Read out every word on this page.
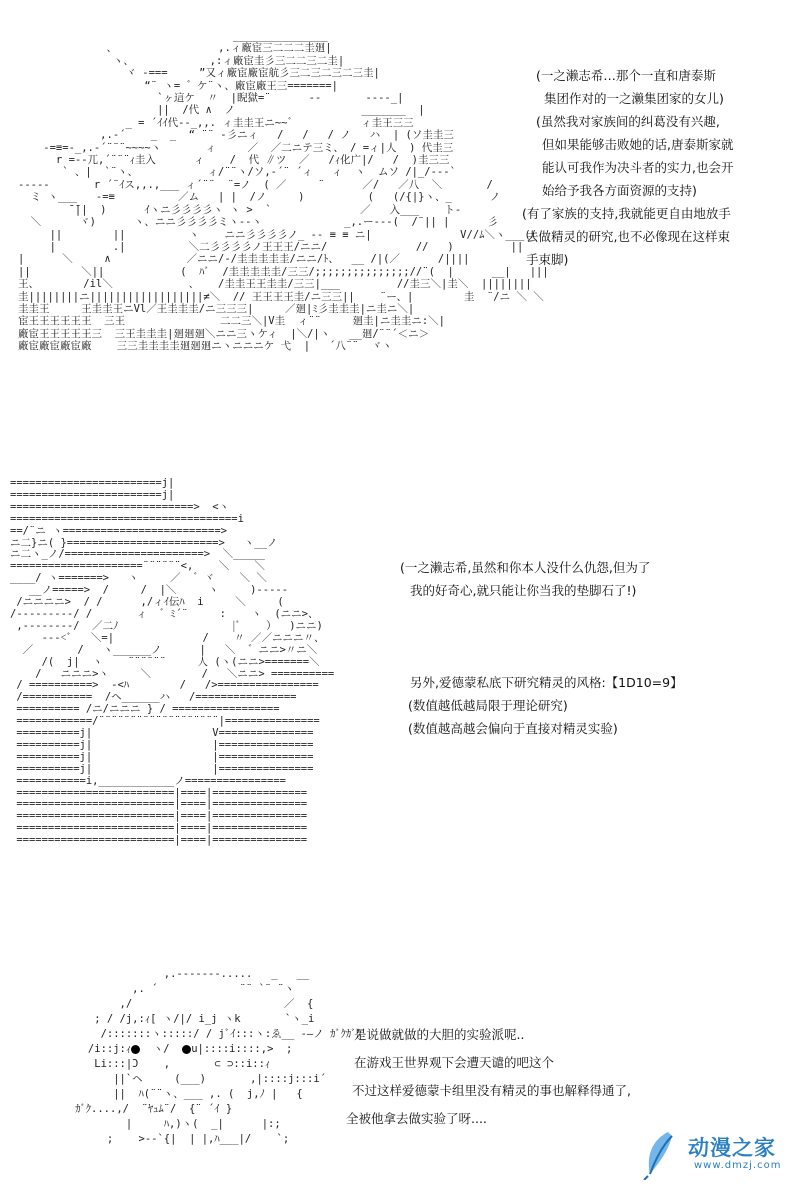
_______________
、                ,.ィ廠宦三二二二圭廻|
ヽ、            ,:ィ廠宦圭彡三二二三二圭|
ヾ -===     ”又ィ廠宦廠宦航彡三二三二三二三圭|
“¨ ヽ= ゛ケ¨ヽ、廠宦廠王三=======|
`ヶ這ケ  〃  |睨獄=¨      --       ----_|
||  /代 ∧  ノ                    _______  |
_ = ´ｲｲ代--_,,. ィ圭圭王ニ~~゛          ィ圭王三三
,.-´    _  _  “ ¨¨ -彡ニィ   /   /   / ノ   ハ  | (ソ圭圭三
-=≡=-_,.-´¨¨¨~~~~ヽ       ィ     ／  ／二ニテ三ミ、 / =ィ|人  ) 代圭三
r =--兀,´¨¨¨ｨ圭入      ィ    /  代 ∥ツ  ／   /ｨ化广|/   /  )圭三三
` 、|  `¨ヽ、           ィ/¨¨ヽ/ソ,-´¨ ´ィ   ィ  ヽ  ムソ /|_/---`
-----       r ´¨ｲス,,.,___ ィ´¨¨  ¨=ノ  ( ／     ¨      ／/   ／八  ＼       /
ミ ヽ___   -=≡          ／ム   | |  /ノ     )          (   (/{|}ヽ、_      ノ
̄ ̄||  )      ｲヽニ彡彡彡彡ヽ ヽ >  `              ／   入___    ト-
＼      ヾ)      ヽ、ニニ彡彡彡彡ミヽ--ヽ             _,.ー---(  /¨|| |      彡
||        ||          ヽ    ニニ彡彡彡彡ノ_ -- ≡ ≡ ニ|              V//ﾑ＼ヽ___((
|         .|          ＼二彡彡彡彡ノ王王王/ニニ/              //   )         ||
|      ＼     ∧            ／ニニ/-/圭圭圭圭圭/ニニ/ﾄ、  __ /|(／      /||||
||        ＼||            (  ﾊﾞ  /圭圭圭圭圭/三三/;;;;;;;;;;;;;;;//¨(  |      __|   |||
王、       /il＼            、   /圭圭王王圭圭/三三|___         //圭三＼|圭＼  ||||||||
圭||||||||ニ||||||||||||||||||≠＼  // 王王王王圭/ニ三三||    ¨ー、|        圭  ¨/ニ ＼ ＼
圭圭王     王圭圭王ニVl／王圭圭圭/ニ三三三|     ／廻|ﾐ彡圭圭圭|ニ圭ニ＼|
宦王王王王王王  三王               二二三＼|V圭  ィ¨¨     廻圭|ニ圭圭ニ:＼|
廠宦王王王王王三  三王圭圭圭|廻廻廻＼ニニ三ヽケィ  |＼/|ヽ   __廻/¨¨´＜ニ＞
廠宦廠宦廠宦廠    三三圭圭圭圭廻廻廻ニヽニニニケ 弋  |   ´八¨¨  ヾヽ
(一之濑志希…那个一直和唐泰斯
集团作对的一之濑集团家的女儿)
(虽然我对家族间的纠葛没有兴趣,
但如果能够击败她的话,唐泰斯家就
能认可我作为决斗者的实力,也会开
始给予我各方面资源的支持)
(有了家族的支持,我就能更自由地放手
去做精灵的研究,也不必像现在这样束
手束脚)
========================j|
========================j|
=============================>  <ヽ
====================================i
==/¨ニ ヽ=========================>
ニ二}ニ( }========================>   ヽ__ノ
ニ二ヽ_ノ/======================>  ＼_____
=====================¨¨¨¨¨¨<,    ＼    ＼
____/ ヽ=======>   ヽ     ／  ゛ヾ    ＼ ＼
__ノ=====>  /     /  |＼     ヽ     )-----
/ニニニニ>  / /      ,/ィｲ伝ﾊ  i     ＼     (
/---------/ /       ィ  ゛ﾐ´¨     :    ヽ  (ニニ>、
,--------/  ／二ﾉ                  |ﾞ    ）  )ニニ)
---<ﾞ   ＼=|              /    〃 ／／ニニニ〃、
／       /   ヽ______ノ      |   ＼  ゛ニニ>〃ニ＼
/(  j|  ヽ    ¨¨¨¨¨¨     人 (ヽ(ニニ>=======＼
/   ニニニ>ヽ     ＼        /   ＼ニニ> ==========
/ ==========>  -<ﾊ        /   />================
/===========  /ヘ______ハ   /================
========== /ニ/ニニニ } / =================
============/¨¨¨¨¨¨¨¨¨¨¨¨¨¨¨¨¨¨¨|===============
==========j|                   V===============
==========j|                   |===============
==========j|                   |===============
==========j|                   |===============
===========i,____________ノ================
=========================|====|===============
=========================|====|===============
=========================|====|===============
=========================|====|===============
=========================|====|===============
(一之濑志希,虽然和你本人没什么仇怨,但为了
我的好奇心,就只能让你当我的垫脚石了!)

另外,爱德蒙私底下研究精灵的风格:【1D10=9】
(数值越低越局限于理论研究)
(数值越高越会偏向于直接对精灵实验)
,.-------.....   _   __
,. ´             ¨¨ `¨ ¨ヽ
,/                        ／  {
; / /j,:ｨ[ ヽ/|/ i_j ヽk       `ヽ_i
/:::::::ヽ:::::/ / jﾞｲ:::ヽ:ゑ__ -―ノ ｶﾞｸｶﾞｸ
/i::j:ｨ  ヽ/  u|::::i::::,>  ;
Li:::|Ͻ    ,       ⊂ ⊃::i::ｨ
||`ヘ     (___)       ,|::::j:::i´
||  ﾊ(¨¨ヽ、___ ,. (  j,ﾉ |   {
ｶﾞｸ....,/  ¨ﾔｭﾑ¨/  {¨ ´ｲ }
|     ﾊ,)ヽ(  _|      |:;
;    >--`{|  | |,ﾊ___|/    `;
是说做就做的大胆的实验派呢..
在游戏王世界观下会遭天谴的吧这个
不过这样爱德蒙卡组里没有精灵的事也解释得通了,
全被他拿去做实验了呀....
动漫之家
www.dmzj.com
